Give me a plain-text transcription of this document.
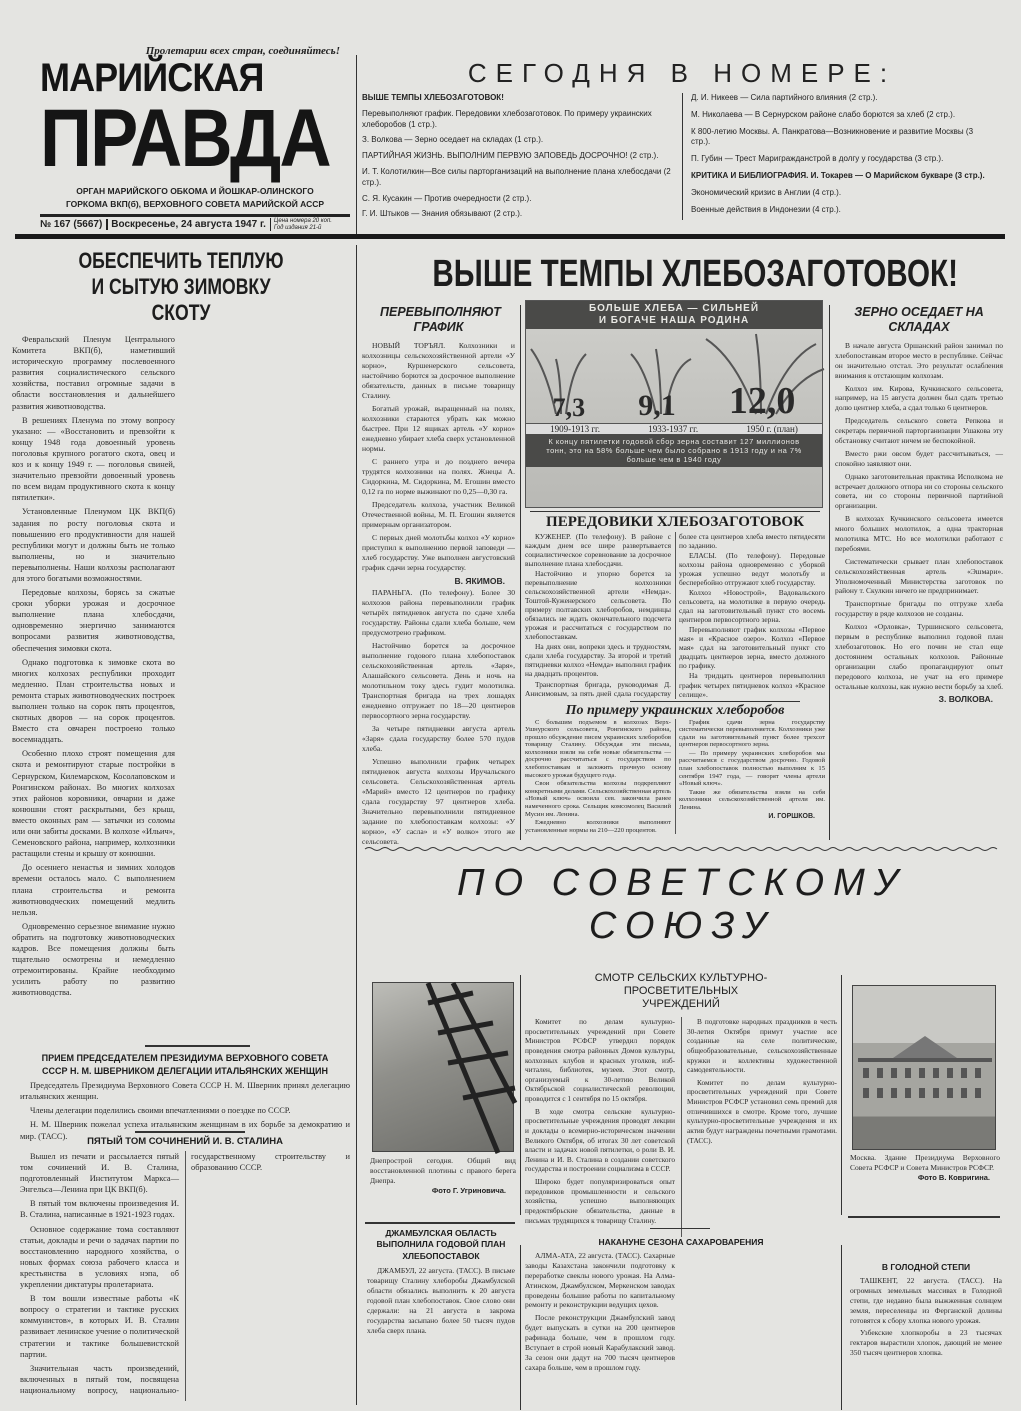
Пролетарии всех стран, соединяйтесь!
МАРИЙСКАЯ
ПРАВДА
ОРГАН МАРИЙСКОГО ОБКОМА И ЙОШКАР-ОЛИНСКОГО ГОРКОМА ВКП(б), ВЕРХОВНОГО СОВЕТА МАРИЙСКОЙ АССР
№ 167 (5667) Воскресенье, 24 августа 1947 г. Цена номера 20 коп.
Год издания 21-й
СЕГОДНЯ В НОМЕРЕ:
ВЫШЕ ТЕМПЫ ХЛЕБОЗАГОТОВОК!
Перевыполняют график. Передовики хлебозаготовок. По примеру украинских хлеборобов (1 стр.).
З. Волкова — Зерно оседает на складах (1 стр.).
ПАРТИЙНАЯ ЖИЗНЬ. ВЫПОЛНИМ ПЕРВУЮ ЗАПОВЕДЬ ДОСРОЧНО! (2 стр.).
И. Т. Колотилкин—Все силы парторганизаций на выполнение плана хлебосдачи (2 стр.).
С. Я. Кусакин — Против очередности (2 стр.).
Г. И. Штыков — Знания обязывают (2 стр.).
Д. И. Никеев — Сила партийного влияния (2 стр.).
М. Николаева — В Сернурском районе слабо борются за хлеб (2 стр.).
К 800-летию Москвы. А. Панкратова—Возникновение и развитие Москвы (3 стр.).
П. Губин — Трест Маригражданстрой в долгу у государства (3 стр.).
КРИТИКА И БИБЛИОГРАФИЯ. И. Токарев — О Марийском букваре (3 стр.).
Экономический кризис в Англии (4 стр.).
Военные действия в Индонезии (4 стр.).
ОБЕСПЕЧИТЬ ТЕПЛУЮ И СЫТУЮ ЗИМОВКУ СКОТУ

Февральский Пленум Центрального Комитета ВКП(б), наметивший историческую программу послевоенного развития социалистического сельского хозяйства, поставил огромные задачи в области восстановления и дальнейшего развития животноводства.

В решениях Пленума по этому вопросу указано: — «Восстановить и превзойти к концу 1948 года довоенный уровень поголовья крупного рогатого скота, овец и коз и к концу 1949 г. — поголовья свиней, значительно превзойти довоенный уровень по всем видам продуктивного скота к концу пятилетки».

Установленные Пленумом ЦК ВКП(б) задания по росту поголовья скота и повышению его продуктивности для нашей республики могут и должны быть не только выполнены, но и значительно перевыполнены. Наши колхозы располагают для этого богатыми возможностями.

Передовые колхозы, борясь за сжатые сроки уборки урожая и досрочное выполнение плана хлебосдачи, одновременно энергично занимаются вопросами развития животноводства, обеспечения зимовки скота.

Однако подготовка к зимовке скота во многих колхозах республики проходит медленно. План строительства новых и ремонта старых животноводческих построек выполнен только на сорок пять процентов, скотных дворов — на сорок процентов. Вместо ста овчарен построено только восемнадцать.

Особенно плохо строят помещения для скота и ремонтируют старые постройки в Сернурском, Килемарском, Косолаповском и Ронгинском районах. Во многих колхозах этих районов коровники, овчарни и даже конюшни стоят раскрытыми, без крыш, вместо оконных рам — затычки из соломы или они забиты досками. В колхозе «Ильич», Семеновского района, например, колхозники растащили стены и крышу от конюшни.

До осеннего ненастья и зимних холодов времени осталось мало. С выполнением плана строительства и ремонта животноводческих помещений медлить нельзя.

Одновременно серьезное внимание нужно обратить на подготовку животноводческих кадров. Все помещения должны быть тщательно осмотрены и немедленно отремонтированы. Крайне необходимо усилить работу по развитию животноводства.

ПРИЕМ ПРЕДСЕДАТЕЛЕМ ПРЕЗИДИУМА ВЕРХОВНОГО СОВЕТА СССР Н. М. ШВЕРНИКОМ ДЕЛЕГАЦИИ ИТАЛЬЯНСКИХ ЖЕНЩИН

Председатель Президиума Верховного Совета СССР Н. М. Шверник принял делегацию итальянских женщин.

Члены делегации поделились своими впечатлениями о поездке по СССР.

Н. М. Шверник пожелал успеха итальянским женщинам в их борьбе за демократию и мир. (ТАСС).	ПЯТЫЙ ТОМ СОЧИНЕНИЙ И. В. СТАЛИНА

Вышел из печати и рассылается пятый том сочинений И. В. Сталина, подготовленный Институтом Маркса—Энгельса—Ленина при ЦК ВКП(б).

В пятый том включены произведения И. В. Сталина, написанные в 1921-1923 годах.

Основное содержание тома составляют статьи, доклады и речи о задачах партии по восстановлению народного хозяйства, о новых формах союза рабочего класса и крестьянства в условиях нэпа, об укреплении диктатуры пролетариата.

В том вошли известные работы «К вопросу о стратегии и тактике русских коммунистов», в которых И. В. Сталин развивает ленинское учение о политической стратегии и тактике большевистской партии.

Значительная часть произведений, включенных в пятый том, посвящена национальному вопросу, национально-государственному строительству и образованию СССР.

ВЫШЕ ТЕМПЫ ХЛЕБОЗАГОТОВОК!
ПЕРЕВЫПОЛНЯЮТ ГРАФИК

НОВЫЙ ТОРЪЯЛ. Колхозники и колхозницы сельскохозяйственной артели «У корно», Куршенерского сельсовета, настойчиво борются за досрочное выполнение обязательств, данных в письме товарищу Сталину.

Богатый урожай, выращенный на полях, колхозники стараются убрать как можно быстрее. При 12 ящиках артель «У корно» ежедневно убирает хлеба сверх установленной нормы.

С раннего утра и до позднего вечера трудятся колхозники на полях. Жнецы А. Сидоркина, М. Сидоркина, М. Егошин вместо 0,12 га по норме выжинают по 0,25—0,30 га.

Председатель колхоза, участник Великой Отечественной войны, М. П. Егошин является примерным организатором.

С первых дней молотьбы колхоз «У корно» приступил к выполнению первой заповеди — хлеб государству. Уже выполнен августовский график сдачи зерна государству.

В. ЯКИМОВ.

ПАРАНЬГА. (По телефону). Более 30 колхозов района перевыполнили график четырёх пятидневок августа по сдаче хлеба государству. Районы сдали хлеба больше, чем предусмотрено графиком.

Настойчиво борется за досрочное выполнение годового плана хлебопоставок сельскохозяйственная артель «Заря», Алашайского сельсовета. День и ночь на молотильном току здесь гудит молотилка. Транспортная бригада на трех лошадях ежедневно отгружает по 18—20 центнеров первосортного зерна государству.

За четыре пятидневки августа артель «Заря» сдала государству более 570 пудов хлеба.

Успешно выполнили график четырех пятидневок августа колхозы Иручальского сельсовета. Сельскохозяйственная артель «Марий» вместо 12 центнеров по графику сдала государству 97 центнеров хлеба. Значительно перевыполнили пятидневное задание по хлебопоставкам колхозы: «У корно», «У сасла» и «У волко» этого же сельсовета.

БОЛЬШЕ ХЛЕБА — СИЛЬНЕЙ
И БОГАЧЕ НАША РОДИНА
7,3 9,1 12,0
1909-1913 гг.	1933-1937 гг.	1950 г. (план)
К концу пятилетки годовой сбор зерна составит 127 миллионов тонн, это на 58% больше чем было собрано в 1913 году и на 7% больше чем в 1940 году
ПЕРЕДОВИКИ ХЛЕБОЗАГОТОВОК

КУЖЕНЕР. (По телефону). В районе с каждым днем все шире развертывается социалистическое соревнование за досрочное выполнение плана хлебосдачи.

Настойчиво и упорно борется за перевыполнение колхозники сельскохозяйственной артели «Немда». Тоштой-Куженерского сельсовета. По примеру полтавских хлеборобов, немдинцы обязались не ждать окончательного подсчета урожая и рассчитаться с государством по хлебопоставкам.

На днях они, вопреки здесь и трудностям, сдали хлеба государству. За второй и третий пятидневки колхоз «Немда» выполнил график на двадцать процентов.

Транспортная бригада, руководимая Д. Анисимовым, за пять дней сдала государству более ста центнеров хлеба вместо пятидесяти по заданию.

ЕЛАСЫ. (По телефону). Передовые колхозы района одновременно с уборкой урожая успешно ведут молотьбу и бесперебойно отгружают хлеб государству.

Колхоз «Новострой», Вадовальского сельсовета, на молотилке в первую очередь сдал на заготовительный пункт сто восемь центнеров первосортного зерна.

Перевыполняют график колхозы «Первое мая» и «Красное озеро». Колхоз «Первое мая» сдал на заготовительный пункт сто двадцать центнеров зерна, вместо должного по графику.

На тридцать центнеров перевыполнил график четырех пятидневок колхоз «Красное селище».

По примеру украинских хлеборобов

С большим подъемом в колхозах Верх-Ушнурского сельсовета, Ронгинского района, прошло обсуждение писем украинских хлеборобов товарищу Сталину. Обсуждая эти письма, колхозники взяли на себя новые обязательства — досрочно рассчитаться с государством по хлебопоставкам и заложить прочную основу высокого урожая будущего года.

Свои обязательства колхозы подкрепляют конкретными делами. Сельскохозяйственная артель «Новый ключ» освоила сев. закончила ранее намеченного срока. Сельщик комсомолец Василий Мусин им. Ленина.

Ежедневно колхозники выполняют установленные нормы на 210—220 процентов.

График сдачи зерна государству систематически перевыполняется. Колхозники уже сдали на заготовительный пункт более трехсот центнеров первосортного зерна.

— По примеру украинских хлеборобов мы рассчитаемся с государством досрочно. Годовой план хлебопоставок полностью выполним к 15 сентября 1947 года, — говорят члены артели «Новый ключ».

Такие же обязательства взяли на себя колхозники сельскохозяйственной артели им. Ленина.

И. ГОРШКОВ.
ЗЕРНО ОСЕДАЕТ НА СКЛАДАХ

В начале августа Оршанский район занимал по хлебопоставкам второе место в республике. Сейчас он значительно отстал. Это результат ослабления внимания к отстающим колхозам.

Колхоз им. Кирова, Кучкинского сельсовета, например, на 15 августа должен был сдать третью долю центнер хлеба, а сдал только 6 центнеров.

Председатель сельского совета Репкова и секретарь первичной парторганизации Ушакова эту обстановку считают ничем не беспокойной.

Вместо ржи овсом будет рассчитываться, — спокойно заявляют они.

Однако заготовительная практика Исполкома не встречает должного отпора ни со стороны сельского совета, ни со стороны первичной партийной организации.

В колхозах Кучкинского сельсовета имеется много больших молотилок, а одна тракторная молотилка МТС. Но все молотилки работают с перебоями.

Систематически срывает план хлебопоставок сельскохозяйственная артель «Эшмари». Уполномоченный Министерства заготовок по району т. Скулкин ничего не предпринимает.

Транспортные бригады по отгрузке хлеба государству в ряде колхозов не созданы.

Колхоз «Орловка», Туршинского сельсовета, первым в республике выполнил годовой план хлебозаготовок. Но его почин не стал еще достоянием остальных колхозов. Районные организации слабо пропагандируют опыт передового колхоза, не учат на его примере остальные колхозы, как нужно вести борьбу за хлеб.

З. ВОЛКОВА.
ПО СОВЕТСКОМУ СОЮЗУ
Днепрострой сегодня. Общий вид восстановленной плотины с правого берега Днепра.
Фото Г. Угриновича.
СМОТР СЕЛЬСКИХ КУЛЬТУРНО-ПРОСВЕТИТЕЛЬНЫХ УЧРЕЖДЕНИЙ

Комитет по делам культурно-просветительных учреждений при Совете Министров РСФСР утвердил порядок проведения смотра районных Домов культуры, колхозных клубов и красных уголков, изб-читален, библиотек, музеев. Этот смотр, организуемый к 30-летию Великой Октябрьской социалистической революции, проводится с 1 сентября по 15 октября.

В ходе смотра сельские культурно-просветительные учреждения проводят лекции и доклады о всемирно-историческом значении Великого Октября, об итогах 30 лет советской власти и задачах новой пятилетки, о роли В. И. Ленина и И. В. Сталина в создании советского государства и построении социализма в СССР.

Широко будет популяризироваться опыт передовиков промышленности и сельского хозяйства, успешно выполняющих предоктябрьские обязательства, данные в письмах трудящихся к товарищу Сталину.

В подготовке народных праздников в честь 30-летия Октября примут участие все созданные на селе политические, общеобразовательные, сельскохозяйственные кружки и коллективы художественной самодеятельности.

Комитет по делам культурно-просветительных учреждений при Совете Министров РСФСР установил семь премий для отличившихся в смотре. Кроме того, лучшие культурно-просветительные учреждения и их актив будут награждены почетными грамотами. (ТАСС).

Москва. Здание Президиума Верховного Совета РСФСР и Совета Министров РСФСР.
Фото В. Ковригина.
ДЖАМБУЛСКАЯ ОБЛАСТЬ ВЫПОЛНИЛА ГОДОВОЙ ПЛАН ХЛЕБОПОСТАВОК

ДЖАМБУЛ, 22 августа. (ТАСС). В письме товарищу Сталину хлеборобы Джамбулской области обязались выполнить к 20 августа годовой план хлебопоставок. Свое слово они сдержали: на 21 августа в закрома государства засыпано более 50 тысяч пудов хлеба сверх плана.

НАКАНУНЕ СЕЗОНА САХАРОВАРЕНИЯ

АЛМА-АТА, 22 августа. (ТАСС). Сахарные заводы Казахстана закончили подготовку к переработке свеклы нового урожая. На Алма-Атинском, Джамбулском, Меркенском заводах проведены большие работы по капитальному ремонту и реконструкции ведущих цехов.

После реконструкции Джамбулский завод будет выпускать в сутки на 200 центнеров рафинада больше, чем в прошлом году. Вступает в строй новый Карабулакский завод. За сезон они дадут на 700 тысяч центнеров сахара больше, чем в прошлом году.

В ГОЛОДНОЙ СТЕПИ

ТАШКЕНТ, 22 августа. (ТАСС). На огромных земельных массивах в Голодной степи, где недавно была выжженная солнцем земля, переселенцы из Ферганской долины готовятся к сбору хлопка нового урожая.

Узбекские хлопкоробы в 23 тысячах гектаров вырастили хлопок, дающий не менее 350 тысяч центнеров хлопка.
